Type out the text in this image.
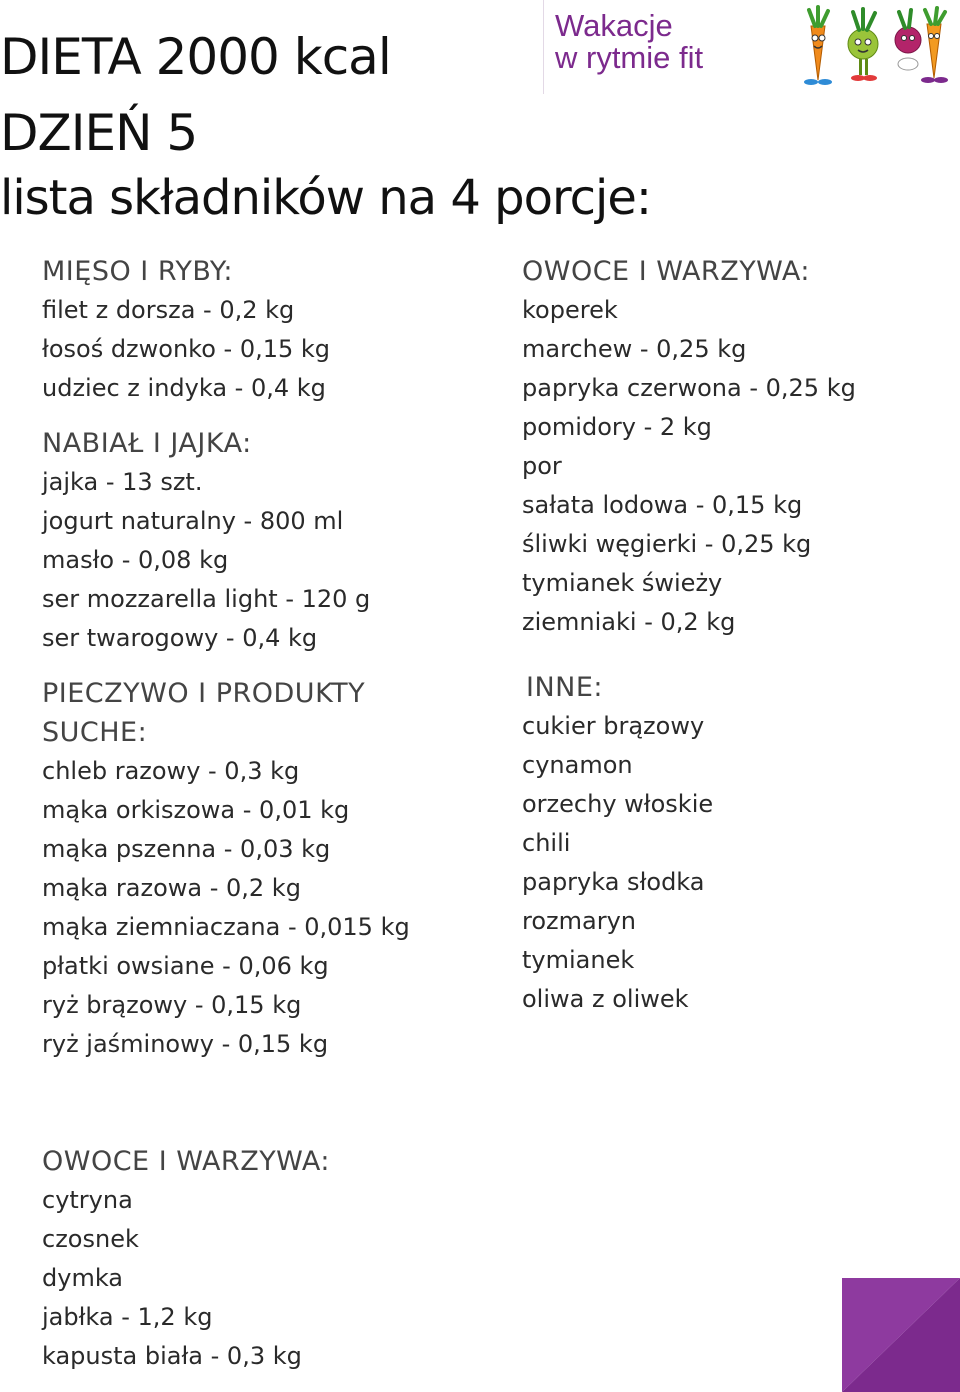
DIETA 2000 kcal
DZIEŃ 5
lista składników na 4 porcje:
Wakacje
w rytmie fit

MIĘSO I RYBY:

filet z dorsza - 0,2 kg

łosoś dzwonko - 0,15 kg

udziec z indyka - 0,4 kg

NABIAŁ I JAJKA:

jajka - 13 szt.

jogurt naturalny - 800 ml

masło - 0,08 kg

ser mozzarella light - 120 g

ser twarogowy - 0,4 kg

PIECZYWO I PRODUKTY SUCHE:

chleb razowy - 0,3 kg

mąka orkiszowa - 0,01 kg

mąka pszenna - 0,03 kg

mąka razowa - 0,2 kg

mąka ziemniaczana - 0,015 kg

płatki owsiane - 0,06 kg

ryż brązowy - 0,15 kg

ryż jaśminowy - 0,15 kg

OWOCE I WARZYWA:

koperek

marchew - 0,25 kg

papryka czerwona - 0,25 kg

pomidory - 2 kg

por

sałata lodowa - 0,15 kg

śliwki węgierki - 0,25 kg

tymianek świeży

ziemniaki - 0,2 kg

INNE:

cukier brązowy

cynamon

orzechy włoskie

chili

papryka słodka

rozmaryn

tymianek

oliwa z oliwek

OWOCE I WARZYWA:

cytryna

czosnek

dymka

jabłka - 1,2 kg

kapusta biała - 0,3 kg
